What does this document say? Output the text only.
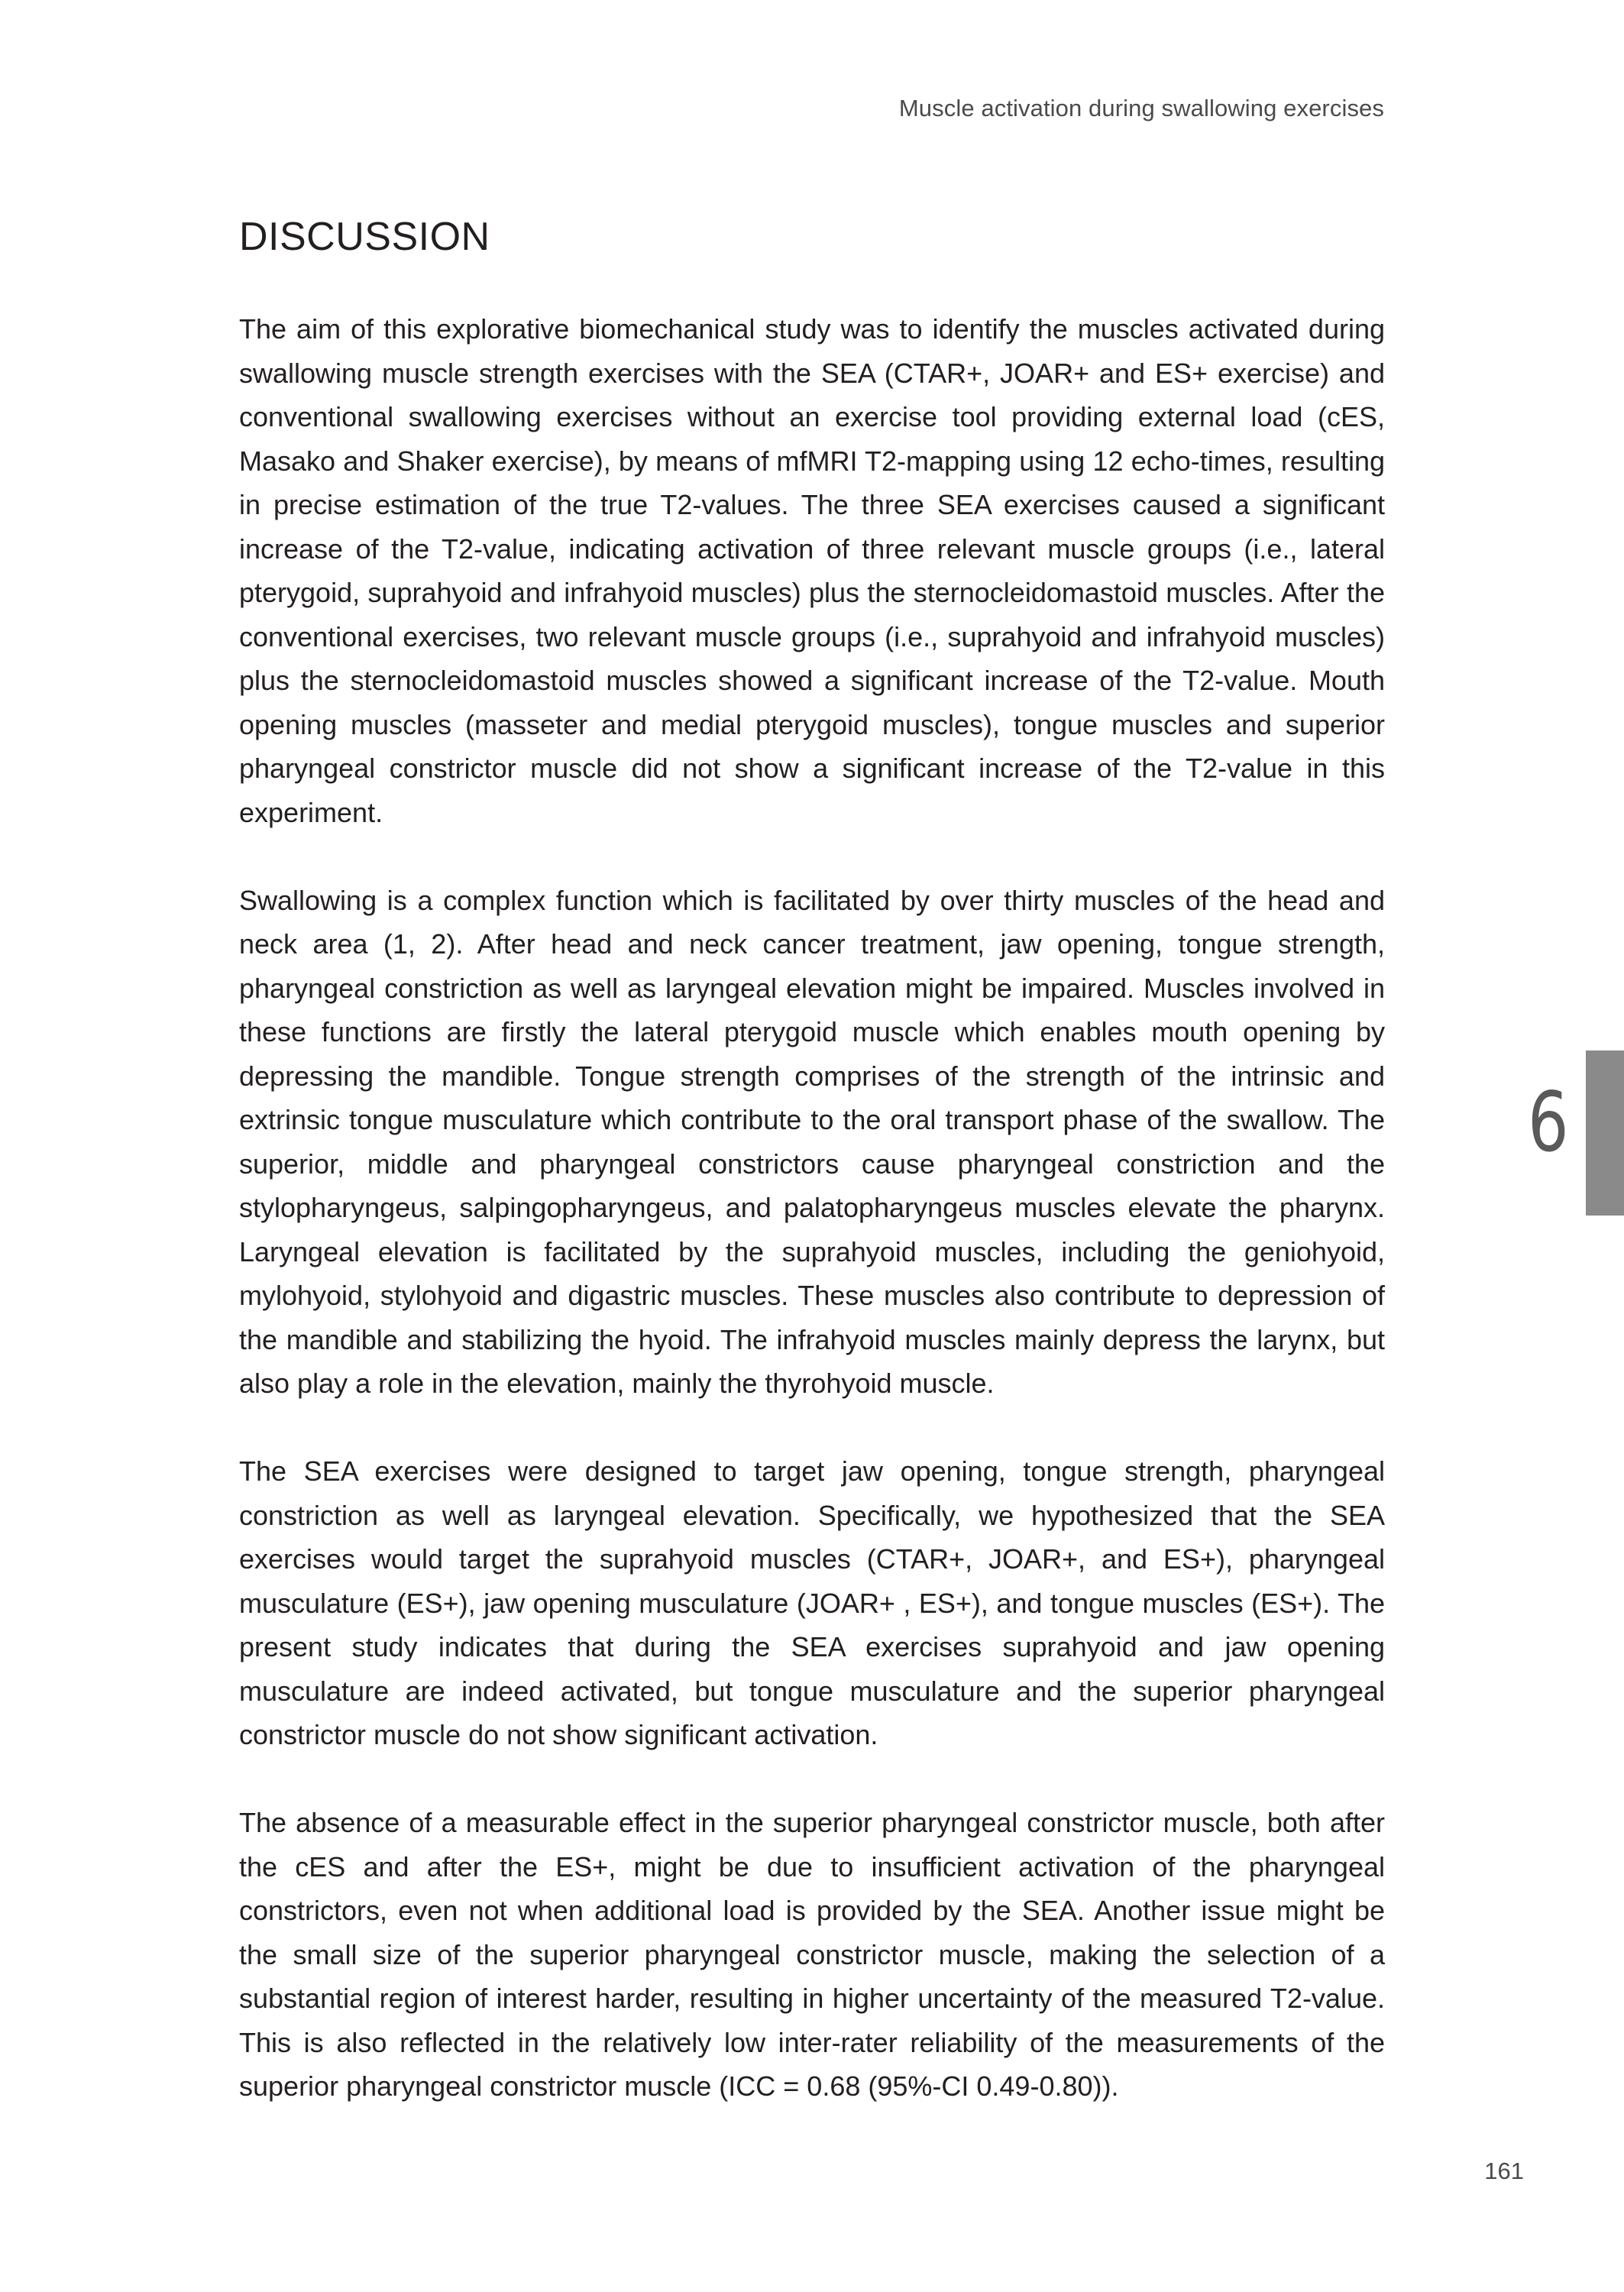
Muscle activation during swallowing exercises
DISCUSSION

The aim of this explorative biomechanical study was to identify the muscles activated during swallowing muscle strength exercises with the SEA (CTAR+, JOAR+ and ES+ exercise) and conventional swallowing exercises without an exercise tool providing external load (cES, Masako and Shaker exercise), by means of mfMRI T2-mapping using 12 echo-times, resulting in precise estimation of the true T2-values. The three SEA exercises caused a significant increase of the T2-value, indicating activation of three relevant muscle groups (i.e., lateral pterygoid, suprahyoid and infrahyoid muscles) plus the sternocleidomastoid muscles. After the conventional exercises, two relevant muscle groups (i.e., suprahyoid and infrahyoid muscles) plus the sternocleidomastoid muscles showed a significant increase of the T2-value. Mouth opening muscles (masseter and medial pterygoid muscles), tongue muscles and superior pharyngeal constrictor muscle did not show a significant increase of the T2-value in this experiment.

Swallowing is a complex function which is facilitated by over thirty muscles of the head and neck area (1, 2). After head and neck cancer treatment, jaw opening, tongue strength, pharyngeal constriction as well as laryngeal elevation might be impaired. Muscles involved in these functions are firstly the lateral pterygoid muscle which enables mouth opening by depressing the mandible. Tongue strength comprises of the strength of the intrinsic and extrinsic tongue musculature which contribute to the oral transport phase of the swallow. The superior, middle and pharyngeal constrictors cause pharyngeal constriction and the stylopharyngeus, salpingopharyngeus, and palatopharyngeus muscles elevate the pharynx. Laryngeal elevation is facilitated by the suprahyoid muscles, including the geniohyoid, mylohyoid, stylohyoid and digastric muscles. These muscles also contribute to depression of the mandible and stabilizing the hyoid. The infrahyoid muscles mainly depress the larynx, but also play a role in the elevation, mainly the thyrohyoid muscle.

The SEA exercises were designed to target jaw opening, tongue strength, pharyngeal constriction as well as laryngeal elevation. Specifically, we hypothesized that the SEA exercises would target the suprahyoid muscles (CTAR+, JOAR+, and ES+), pharyngeal musculature (ES+), jaw opening musculature (JOAR+ , ES+), and tongue muscles (ES+). The present study indicates that during the SEA exercises suprahyoid and jaw opening musculature are indeed activated, but tongue musculature and the superior pharyngeal constrictor muscle do not show significant activation.

The absence of a measurable effect in the superior pharyngeal constrictor muscle, both after the cES and after the ES+, might be due to insufficient activation of the pharyngeal constrictors, even not when additional load is provided by the SEA. Another issue might be the small size of the superior pharyngeal constrictor muscle, making the selection of a substantial region of interest harder, resulting in higher uncertainty of the measured T2-value. This is also reflected in the relatively low inter-rater reliability of the measurements of the superior pharyngeal constrictor muscle (ICC = 0.68 (95%-CI 0.49-0.80)).

6
161
